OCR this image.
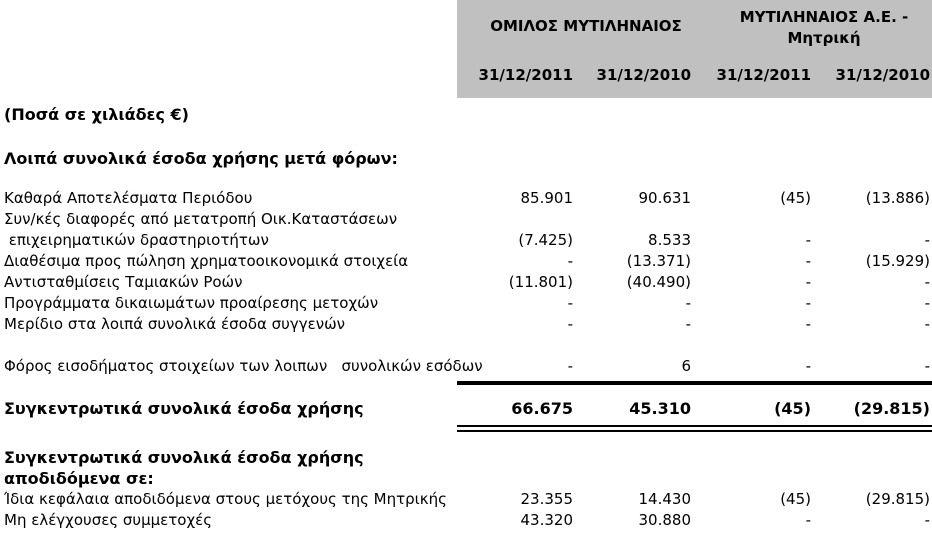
ΟΜΙΛΟΣ ΜΥΤΙΛΗΝΑΙΟΣ	ΜΥΤΙΛΗΝΑΙΟΣ Α.Ε. -
Μητρική
31/12/2011 31/12/2010 31/12/2011 31/12/2010
(Ποσά σε χιλιάδες €)
Λοιπά συνολικά έσοδα χρήσης μετά φόρων:
Καθαρά Αποτελέσματα Περιόδου	85.901	90.631	(45)	(13.886)
Συν/κές διαφορές από μετατροπή Οικ.Καταστάσεων
επιχειρηματικών δραστηριοτήτων	(7.425)	8.533	-	-
Διαθέσιμα προς πώληση χρηματοοικονομικά στοιχεία	-	(13.371)	-	(15.929)
Αντισταθμίσεις Ταμιακών Ροών	(11.801)	(40.490)	-	-
Προγράμματα δικαιωμάτων προαίρεσης μετοχών	-	-	-	-
Μερίδιο στα λοιπά συνολικά έσοδα συγγενών	-	-	-	-
Φόρος εισοδήματος στοιχείων των λοιπων   συνολικών εσόδων	-	6	-	-
Συγκεντρωτικά συνολικά έσοδα χρήσης	66.675	45.310	(45)	(29.815)
Συγκεντρωτικά συνολικά έσοδα χρήσης
αποδιδόμενα σε:
Ίδια κεφάλαια αποδιδόμενα στους μετόχους της Μητρικής	23.355	14.430	(45)	(29.815)
Μη ελέγχουσες συμμετοχές	43.320	30.880	-	-
